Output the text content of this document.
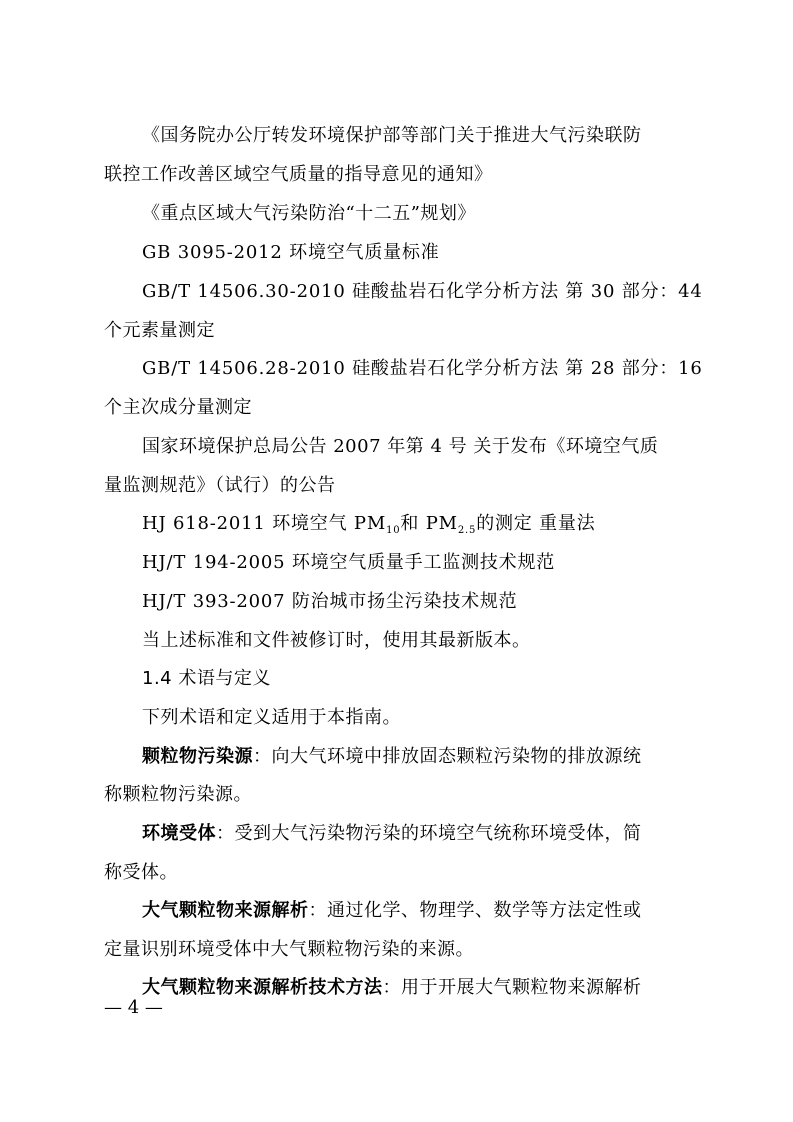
《国务院办公厅转发环境保护部等部门关于推进大气污染联防
联控工作改善区域空气质量的指导意见的通知》
《重点区域大气污染防治“十二五”规划》
GB 3095-2012 环境空气质量标准
GB/T 14506.30-2010 硅酸盐岩石化学分析方法 第 30 部分：44
个元素量测定
GB/T 14506.28-2010 硅酸盐岩石化学分析方法 第 28 部分：16
个主次成分量测定
国家环境保护总局公告 2007 年第 4 号 关于发布《环境空气质
量监测规范》（试行）的公告
HJ 618-2011 环境空气 $PM_{10}$和 $PM_{2.5}$的测定 重量法
HJ/T 194-2005 环境空气质量手工监测技术规范
HJ/T 393-2007 防治城市扬尘污染技术规范
当上述标准和文件被修订时，使用其最新版本。
1.4 术语与定义
下列术语和定义适用于本指南。
颗粒物污染源：向大气环境中排放固态颗粒污染物的排放源统
称颗粒物污染源。
环境受体：受到大气污染物污染的环境空气统称环境受体，简
称受体。
大气颗粒物来源解析：通过化学、物理学、数学等方法定性或
定量识别环境受体中大气颗粒物污染的来源。
大气颗粒物来源解析技术方法：用于开展大气颗粒物来源解析
— 4 —
